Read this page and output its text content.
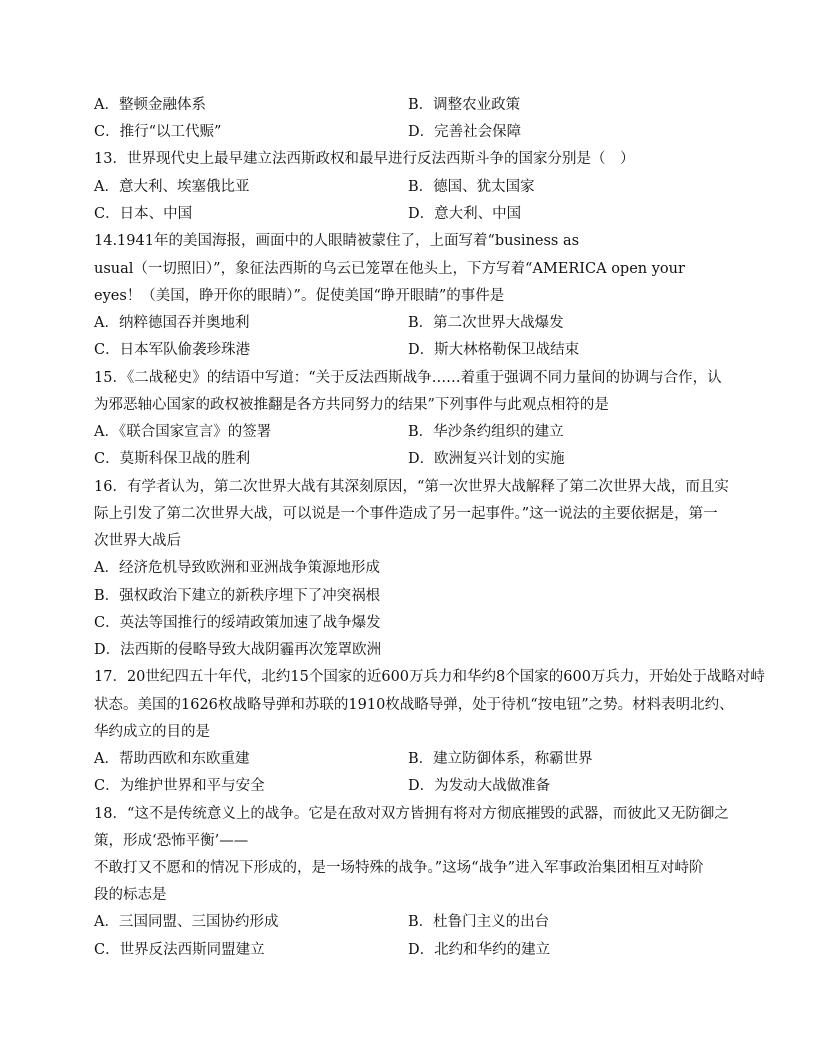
A．整顿金融体系	B．调整农业政策
C．推行“以工代赈”	D．完善社会保障
13．世界现代史上最早建立法西斯政权和最早进行反法西斯斗争的国家分别是（　）
A．意大利、埃塞俄比亚	B．德国、犹太国家
C．日本、中国	D．意大利、中国
14.1941年的美国海报，画面中的人眼睛被蒙住了，上面写着“business as
usual（一切照旧）”，象征法西斯的乌云已笼罩在他头上，下方写着“AMERICA open your
eyes！（美国，睁开你的眼睛）”。促使美国“睁开眼睛”的事件是
A．纳粹德国吞并奥地利	B．第二次世界大战爆发
C．日本军队偷袭珍珠港	D．斯大林格勒保卫战结束
15．《二战秘史》的结语中写道：“关于反法西斯战争……着重于强调不同力量间的协调与合作，认
为邪恶轴心国家的政权被推翻是各方共同努力的结果”下列事件与此观点相符的是
A．《联合国家宣言》的签署	B．华沙条约组织的建立
C．莫斯科保卫战的胜利	D．欧洲复兴计划的实施
16．有学者认为，第二次世界大战有其深刻原因，“第一次世界大战解释了第二次世界大战，而且实
际上引发了第二次世界大战，可以说是一个事件造成了另一起事件。”这一说法的主要依据是，第一
次世界大战后
A．经济危机导致欧洲和亚洲战争策源地形成
B．强权政治下建立的新秩序埋下了冲突祸根
C．英法等国推行的绥靖政策加速了战争爆发
D．法西斯的侵略导致大战阴霾再次笼罩欧洲
17．20世纪四五十年代，北约15个国家的近600万兵力和华约8个国家的600万兵力，开始处于战略对峙
状态。美国的1626枚战略导弹和苏联的1910枚战略导弹，处于待机“按电钮”之势。材料表明北约、
华约成立的目的是
A．帮助西欧和东欧重建	B．建立防御体系，称霸世界
C．为维护世界和平与安全	D．为发动大战做准备
18．“这不是传统意义上的战争。它是在敌对双方皆拥有将对方彻底摧毁的武器，而彼此又无防御之
策，形成‘恐怖平衡’——
不敢打又不愿和的情况下形成的，是一场特殊的战争。”这场“战争”进入军事政治集团相互对峙阶
段的标志是
A．三国同盟、三国协约形成	B．杜鲁门主义的出台
C．世界反法西斯同盟建立	D．北约和华约的建立
